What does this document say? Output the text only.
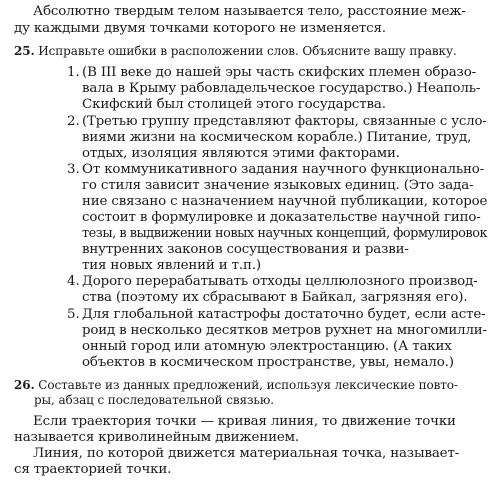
Абсолютно твердым телом называется тело, расстояние меж-

ду каждыми двумя точками которого не изменяется.

25. Исправьте ошибки в расположении слов. Объясните вашу правку.

1. (В III веке до нашей эры часть скифских племен образо-

вала в Крыму рабовладельческое государство.) Неаполь-

Скифский был столицей этого государства.

2. (Третью группу представляют факторы, связанные с усло-

виями жизни на космическом корабле.) Питание, труд,

отдых, изоляция являются этими факторами.

3. От коммуникативного задания научного функционально-

го стиля зависит значение языковых единиц. (Это зада-

ние связано с назначением научной публикации, которое

состоит в формулировке и доказательстве научной гипо-

тезы, в выдвижении новых научных концепций, формулировок

внутренних законов сосуществования и разви-

тия новых явлений и т.п.)

4. Дорого перерабатывать отходы целлюлозного производ-

ства (поэтому их сбрасывают в Байкал, загрязняя его).

5. Для глобальной катастрофы достаточно будет, если асте-

роид в несколько десятков метров рухнет на многомилли-

онный город или атомную электростанцию. (А таких

объектов в космическом пространстве, увы, немало.)

26. Составьте из данных предложений, используя лексические повто-

ры, абзац с последовательной связью.

Если траектория точки — кривая линия, то движение точки

называется криволинейным движением.

Линия, по которой движется материальная точка, называет-

ся траекторией точки.
